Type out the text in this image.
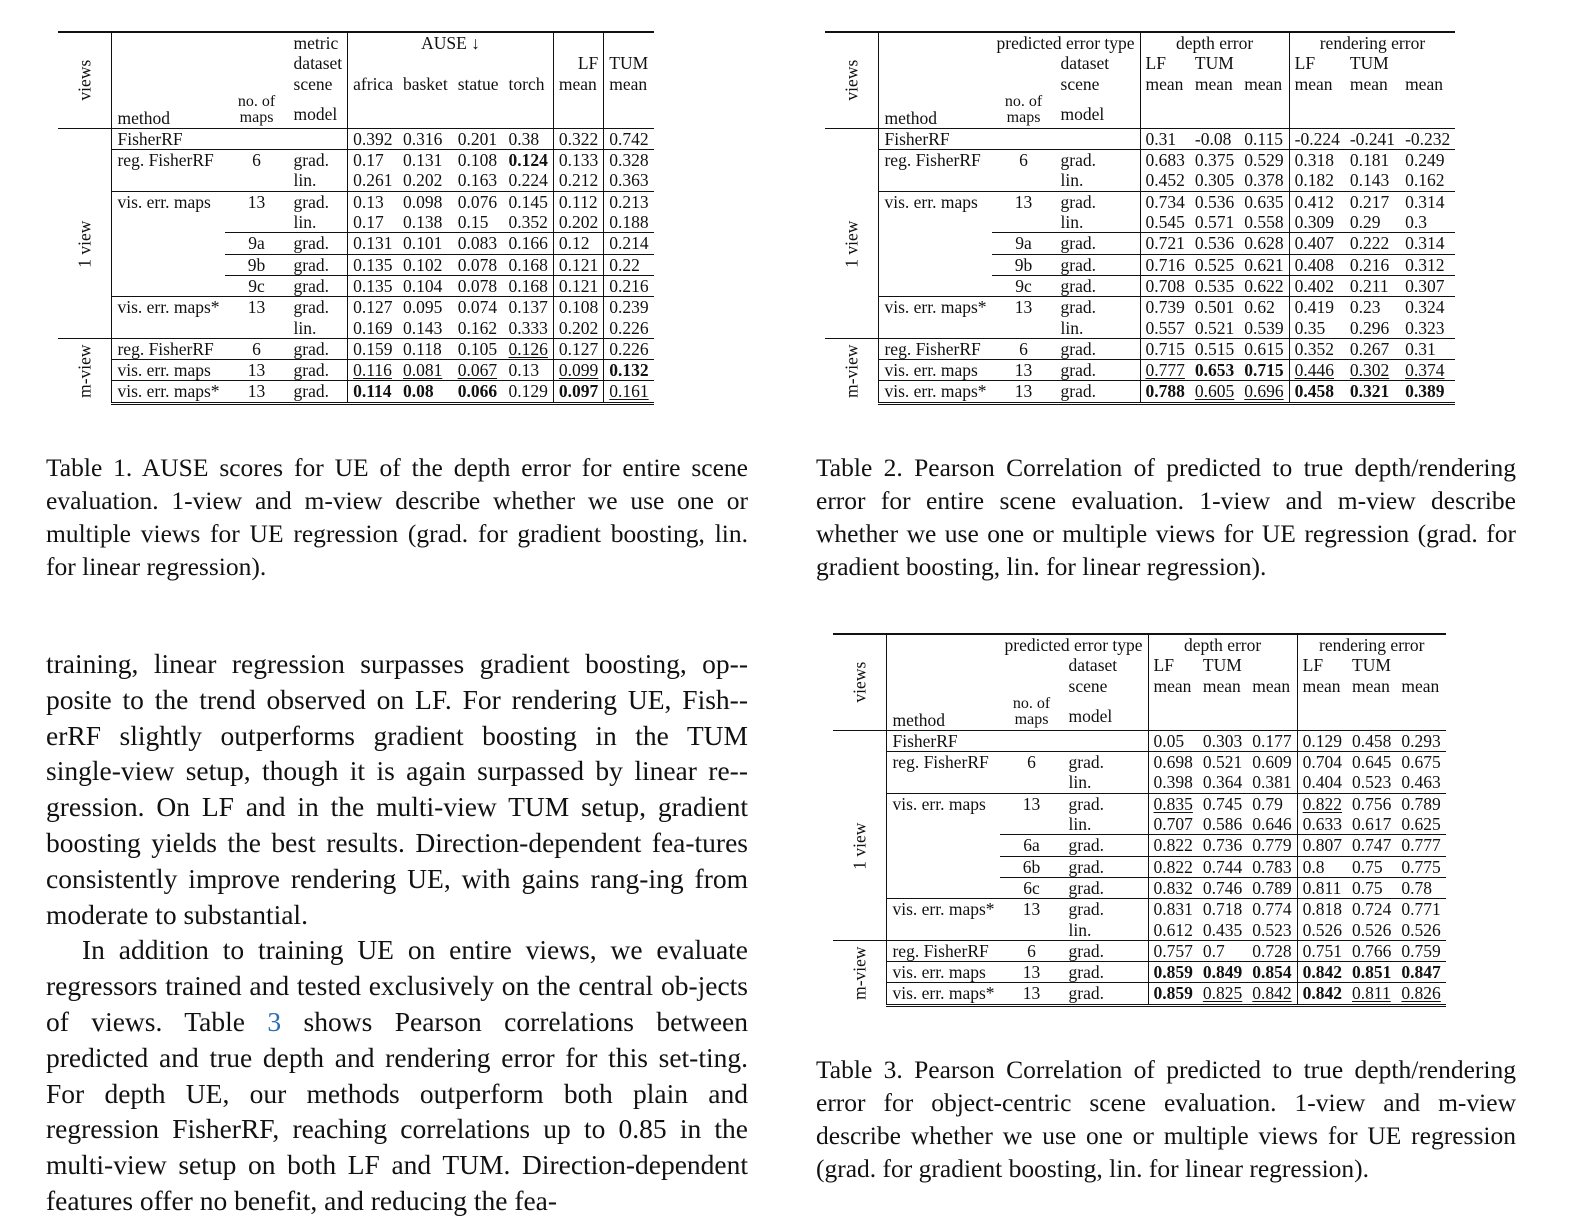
views			metric	AUSE ↓					
			dataset					LF	TUM
			scene	africa	basket	statue	torch	mean	mean
	method	no. of maps	model						
	FisherRF			0.392	0.316	0.201	0.38	0.322	0.742
1 view	reg. FisherRF	6	grad.	0.17	0.131	0.108	0.124	0.133	0.328
			lin.	0.261	0.202	0.163	0.224	0.212	0.363
	vis. err. maps	13	grad.	0.13	0.098	0.076	0.145	0.112	0.213
			lin.	0.17	0.138	0.15	0.352	0.202	0.188
		9a	grad.	0.131	0.101	0.083	0.166	0.12	0.214
		9b	grad.	0.135	0.102	0.078	0.168	0.121	0.22
		9c	grad.	0.135	0.104	0.078	0.168	0.121	0.216
	vis. err. maps*	13	grad.	0.127	0.095	0.074	0.137	0.108	0.239
			lin.	0.169	0.143	0.162	0.333	0.202	0.226
m-view	reg. FisherRF	6	grad.	0.159	0.118	0.105	0.126	0.127	0.226
	vis. err. maps	13	grad.	0.116	0.081	0.067	0.13	0.099	0.132
	vis. err. maps*	13	grad.	0.114	0.08	0.066	0.129	0.097	0.161

Table 1. AUSE scores for UE of the depth error for entire scene evaluation. 1-view and m-view describe whether we use one or multiple views for UE regression (grad. for gradient boosting, lin. for linear regression).

training, linear regression surpasses gradient boosting, op-posite to the trend observed on LF. For rendering UE, Fish-erRF slightly outperforms gradient boosting in the TUM single-view setup, though it is again surpassed by linear re-gression. On LF and in the multi-view TUM setup, gradient boosting yields the best results. Direction-dependent fea-tures consistently improve rendering UE, with gains rang-ing from moderate to substantial.

In addition to training UE on entire views, we evaluate regressors trained and tested exclusively on the central ob-jects of views. Table 3 shows Pearson correlations between predicted and true depth and rendering error for this set-ting. For depth UE, our methods outperform both plain and regression FisherRF, reaching correlations up to 0.85 in the multi-view setup on both LF and TUM. Direction-dependent features offer no benefit, and reducing the fea-

views		predicted error type		depth error			rendering error		
			dataset	LF	TUM		LF	TUM	
			scene	mean	mean	mean	mean	mean	mean
	method	no. of maps	model						
	FisherRF			0.31	-0.08	0.115	-0.224	-0.241	-0.232
1 view	reg. FisherRF	6	grad.	0.683	0.375	0.529	0.318	0.181	0.249
			lin.	0.452	0.305	0.378	0.182	0.143	0.162
	vis. err. maps	13	grad.	0.734	0.536	0.635	0.412	0.217	0.314
			lin.	0.545	0.571	0.558	0.309	0.29	0.3
		9a	grad.	0.721	0.536	0.628	0.407	0.222	0.314
		9b	grad.	0.716	0.525	0.621	0.408	0.216	0.312
		9c	grad.	0.708	0.535	0.622	0.402	0.211	0.307
	vis. err. maps*	13	grad.	0.739	0.501	0.62	0.419	0.23	0.324
			lin.	0.557	0.521	0.539	0.35	0.296	0.323
m-view	reg. FisherRF	6	grad.	0.715	0.515	0.615	0.352	0.267	0.31
	vis. err. maps	13	grad.	0.777	0.653	0.715	0.446	0.302	0.374
	vis. err. maps*	13	grad.	0.788	0.605	0.696	0.458	0.321	0.389

Table 2. Pearson Correlation of predicted to true depth/rendering error for entire scene evaluation. 1-view and m-view describe whether we use one or multiple views for UE regression (grad. for gradient boosting, lin. for linear regression).

views		predicted error type		depth error			rendering error		
			dataset	LF	TUM		LF	TUM	
			scene	mean	mean	mean	mean	mean	mean
	method	no. of maps	model						
	FisherRF			0.05	0.303	0.177	0.129	0.458	0.293
1 view	reg. FisherRF	6	grad.	0.698	0.521	0.609	0.704	0.645	0.675
			lin.	0.398	0.364	0.381	0.404	0.523	0.463
	vis. err. maps	13	grad.	0.835	0.745	0.79	0.822	0.756	0.789
			lin.	0.707	0.586	0.646	0.633	0.617	0.625
		6a	grad.	0.822	0.736	0.779	0.807	0.747	0.777
		6b	grad.	0.822	0.744	0.783	0.8	0.75	0.775
		6c	grad.	0.832	0.746	0.789	0.811	0.75	0.78
	vis. err. maps*	13	grad.	0.831	0.718	0.774	0.818	0.724	0.771
			lin.	0.612	0.435	0.523	0.526	0.526	0.526
m-view	reg. FisherRF	6	grad.	0.757	0.7	0.728	0.751	0.766	0.759
	vis. err. maps	13	grad.	0.859	0.849	0.854	0.842	0.851	0.847
	vis. err. maps*	13	grad.	0.859	0.825	0.842	0.842	0.811	0.826

Table 3. Pearson Correlation of predicted to true depth/rendering error for object-centric scene evaluation. 1-view and m-view describe whether we use one or multiple views for UE regression (grad. for gradient boosting, lin. for linear regression).
